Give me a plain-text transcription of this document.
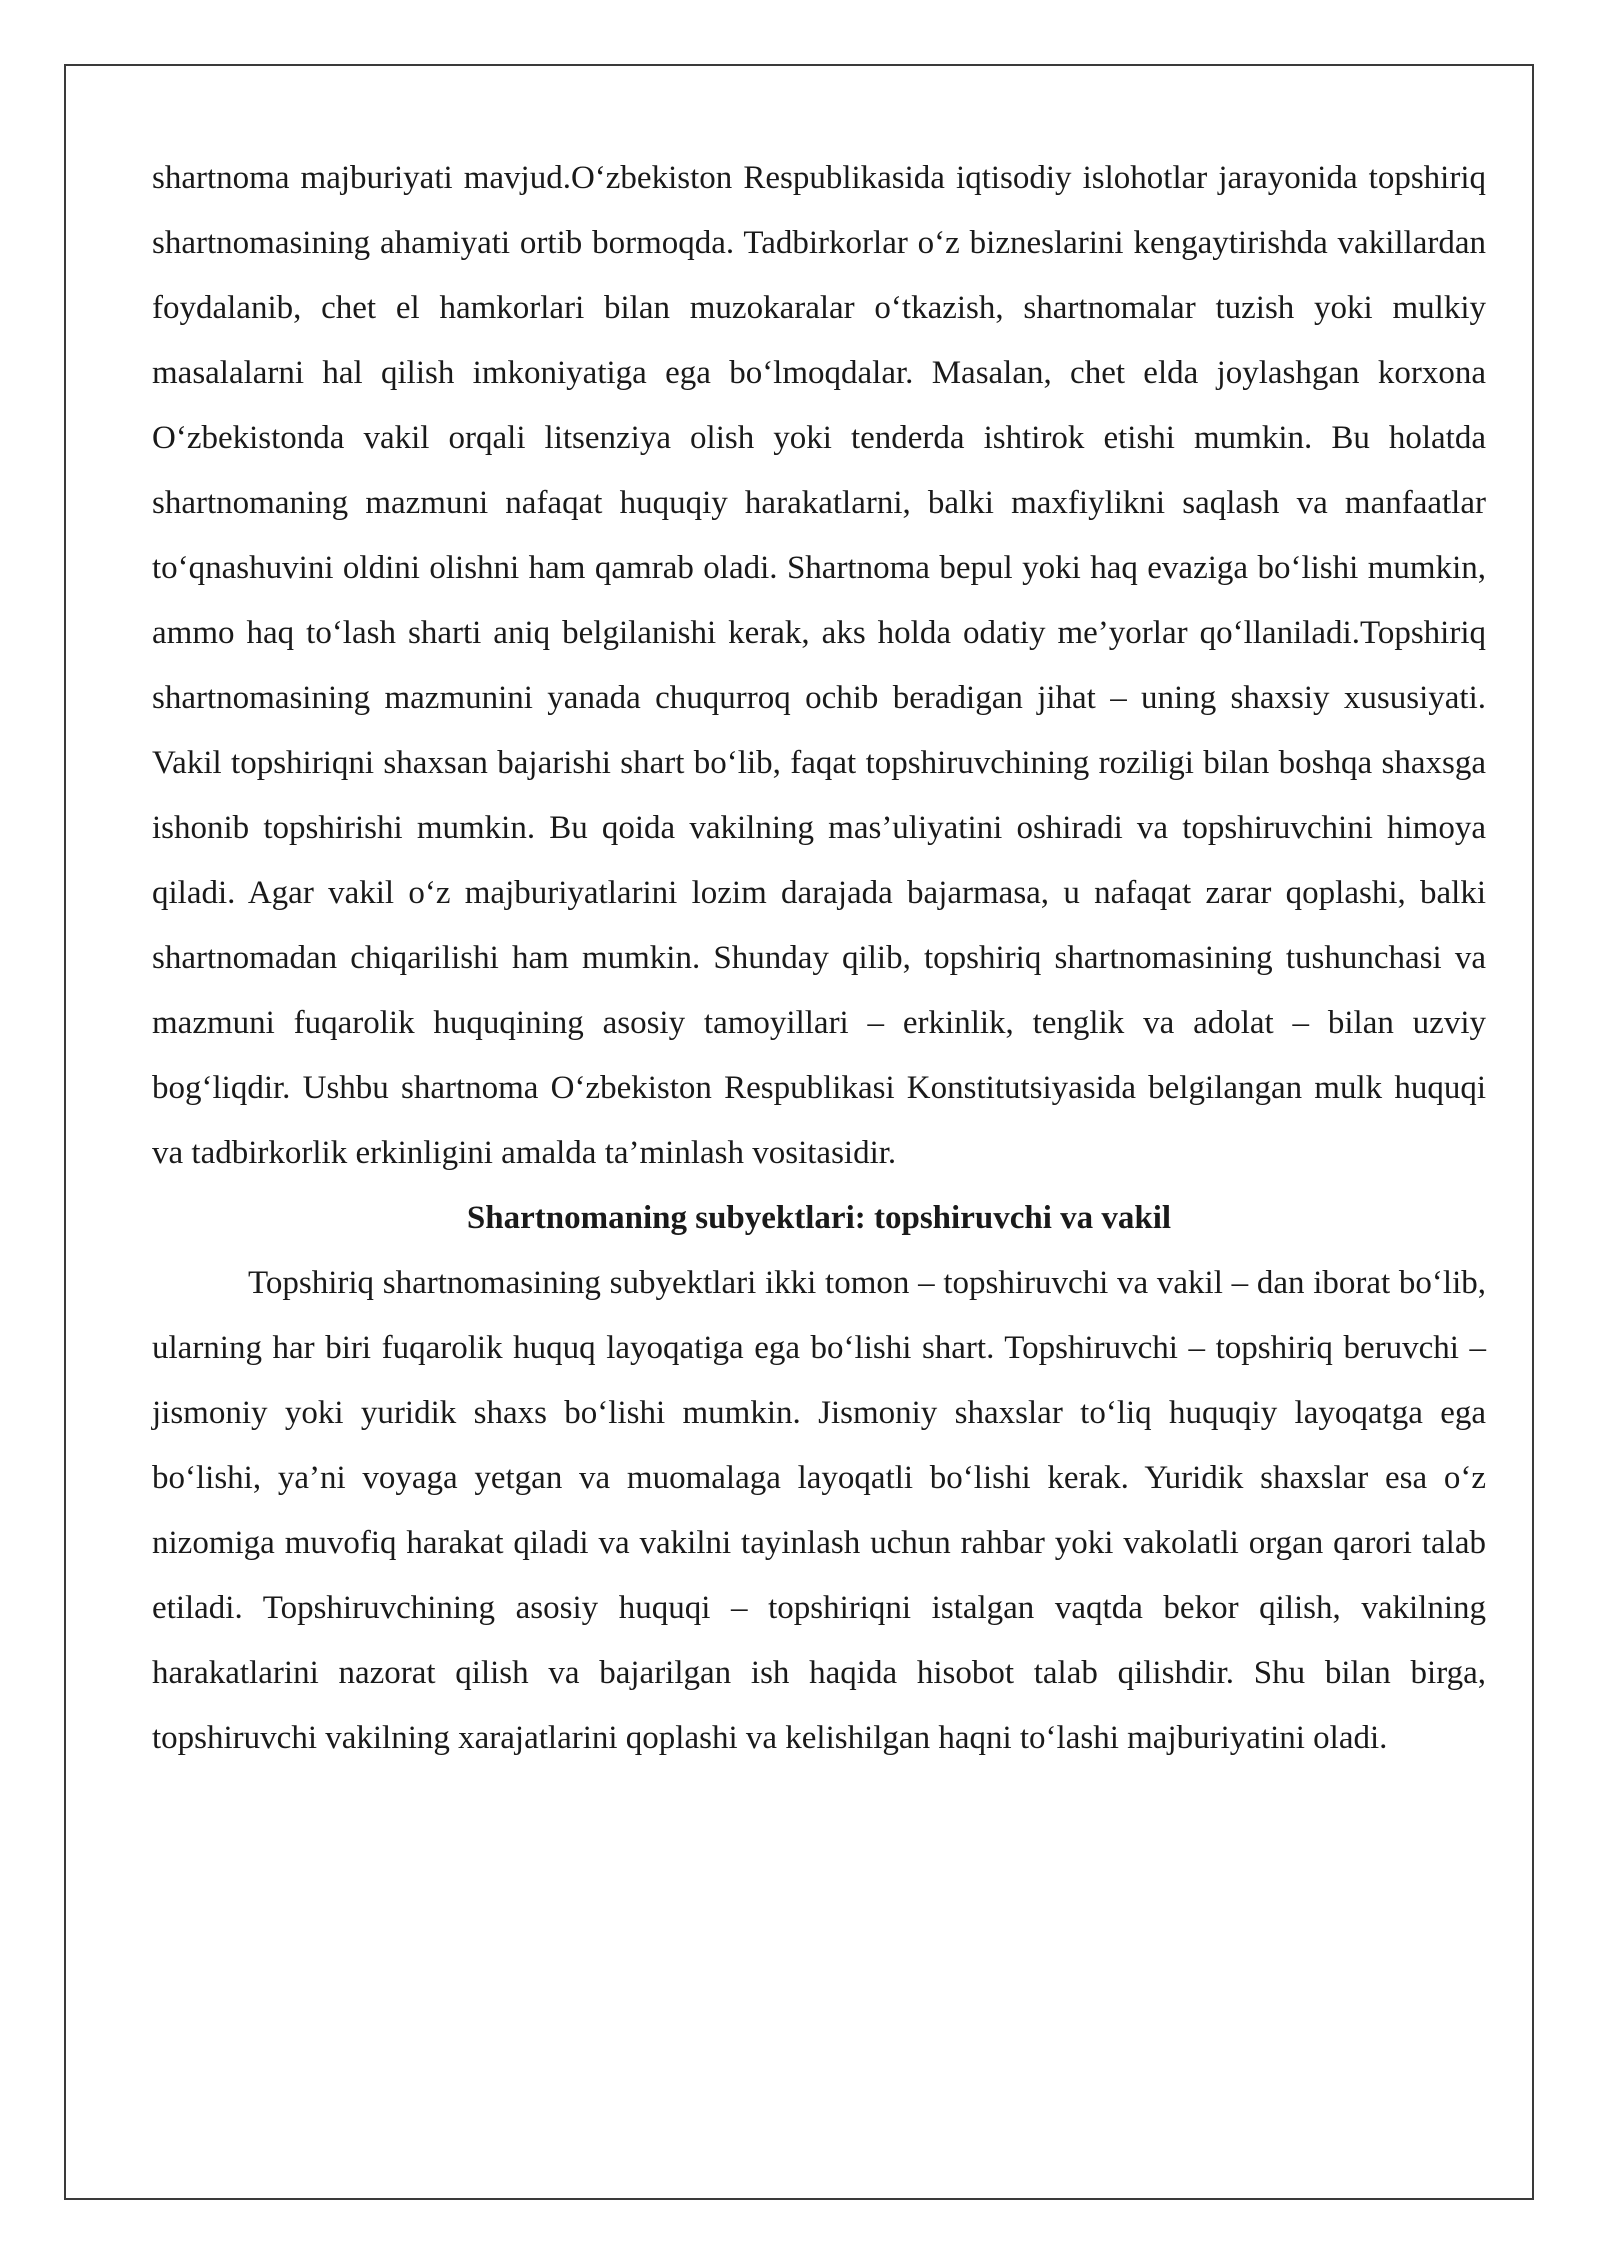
shartnoma majburiyati mavjud.O‘zbekiston Respublikasida iqtisodiy islohotlar jarayonida topshiriq shartnomasining ahamiyati ortib bormoqda. Tadbirkorlar o‘z bizneslarini kengaytirishda vakillardan foydalanib, chet el hamkorlari bilan muzokaralar o‘tkazish, shartnomalar tuzish yoki mulkiy masalalarni hal qilish imkoniyatiga ega bo‘lmoqdalar. Masalan, chet elda joylashgan korxona O‘zbekistonda vakil orqali litsenziya olish yoki tenderda ishtirok etishi mumkin. Bu holatda shartnomaning mazmuni nafaqat huquqiy harakatlarni, balki maxfiylikni saqlash va manfaatlar to‘qnashuvini oldini olishni ham qamrab oladi. Shartnoma bepul yoki haq evaziga bo‘lishi mumkin, ammo haq to‘lash sharti aniq belgilanishi kerak, aks holda odatiy me’yorlar qo‘llaniladi.Topshiriq shartnomasining mazmunini yanada chuqurroq ochib beradigan jihat – uning shaxsiy xususiyati. Vakil topshiriqni shaxsan bajarishi shart bo‘lib, faqat topshiruvchining roziligi bilan boshqa shaxsga ishonib topshirishi mumkin. Bu qoida vakilning mas’uliyatini oshiradi va topshiruvchini himoya qiladi. Agar vakil o‘z majburiyatlarini lozim darajada bajarmasa, u nafaqat zarar qoplashi, balki shartnomadan chiqarilishi ham mumkin. Shunday qilib, topshiriq shartnomasining tushunchasi va mazmuni fuqarolik huquqining asosiy tamoyillari – erkinlik, tenglik va adolat – bilan uzviy bog‘liqdir. Ushbu shartnoma O‘zbekiston Respublikasi Konstitutsiyasida belgilangan mulk huquqi va tadbirkorlik erkinligini amalda ta’minlash vositasidir.

Shartnomaning subyektlari: topshiruvchi va vakil

Topshiriq shartnomasining subyektlari ikki tomon – topshiruvchi va vakil – dan iborat bo‘lib, ularning har biri fuqarolik huquq layoqatiga ega bo‘lishi shart. Topshiruvchi – topshiriq beruvchi – jismoniy yoki yuridik shaxs bo‘lishi mumkin. Jismoniy shaxslar to‘liq huquqiy layoqatga ega bo‘lishi, ya’ni voyaga yetgan va muomalaga layoqatli bo‘lishi kerak. Yuridik shaxslar esa o‘z nizomiga muvofiq harakat qiladi va vakilni tayinlash uchun rahbar yoki vakolatli organ qarori talab etiladi. Topshiruvchining asosiy huquqi – topshiriqni istalgan vaqtda bekor qilish, vakilning harakatlarini nazorat qilish va bajarilgan ish haqida hisobot talab qilishdir. Shu bilan birga, topshiruvchi vakilning xarajatlarini qoplashi va kelishilgan haqni to‘lashi majburiyatini oladi.
